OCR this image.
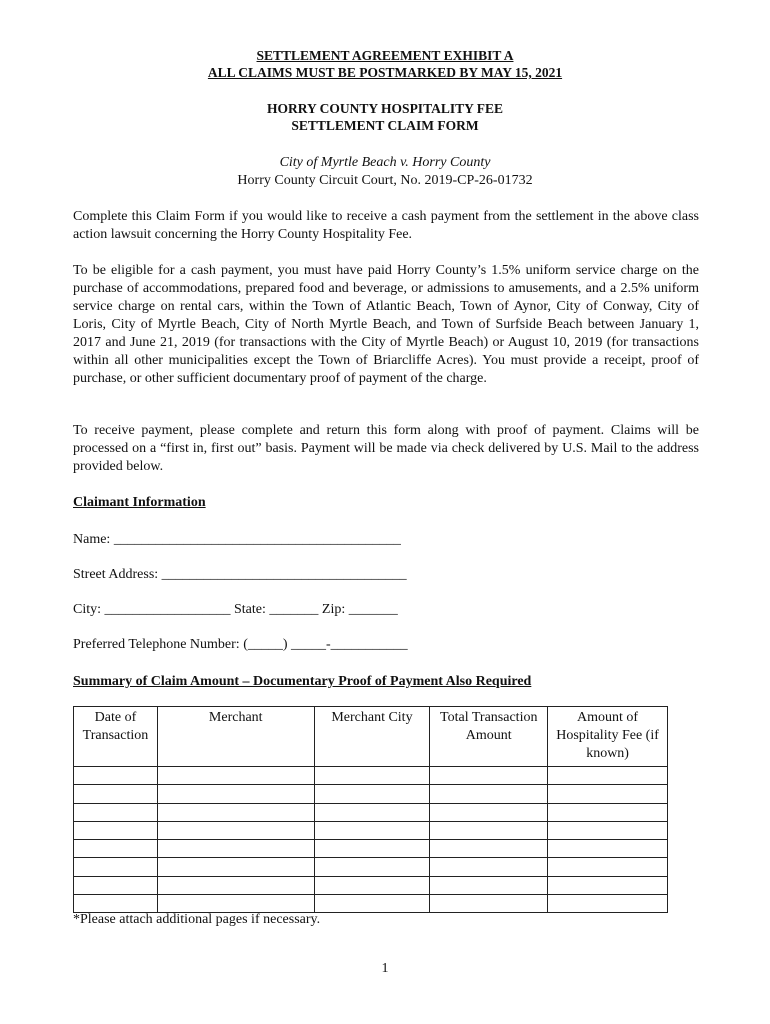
SETTLEMENT AGREEMENT EXHIBIT A
ALL CLAIMS MUST BE POSTMARKED BY MAY 15, 2021
HORRY COUNTY HOSPITALITY FEE
SETTLEMENT CLAIM FORM
City of Myrtle Beach v. Horry County
Horry County Circuit Court, No. 2019-CP-26-01732

Complete this Claim Form if you would like to receive a cash payment from the settlement in the above class action lawsuit concerning the Horry County Hospitality Fee.

To be eligible for a cash payment, you must have paid Horry County’s 1.5% uniform service charge on the purchase of accommodations, prepared food and beverage, or admissions to amusements, and a 2.5% uniform service charge on rental cars, within the Town of Atlantic Beach, Town of Aynor, City of Conway, City of Loris, City of Myrtle Beach, City of North Myrtle Beach, and Town of Surfside Beach between January 1, 2017 and June 21, 2019 (for transactions with the City of Myrtle Beach) or August 10, 2019 (for transactions within all other municipalities except the Town of Briarcliffe Acres). You must provide a receipt, proof of purchase, or other sufficient documentary proof of payment of the charge.

To receive payment, please complete and return this form along with proof of payment. Claims will be processed on a “first in, first out” basis. Payment will be made via check delivered by U.S. Mail to the address provided below.

Claimant Information
Name: _________________________________________
Street Address: ___________________________________
City: __________________ State: _______ Zip: _______
Preferred Telephone Number: (_____) _____-___________
Summary of Claim Amount – Documentary Proof of Payment Also Required
Date of Transaction	Merchant	Merchant City	Total Transaction Amount	Amount of Hospitality Fee (if known)

*Please attach additional pages if necessary.
1
